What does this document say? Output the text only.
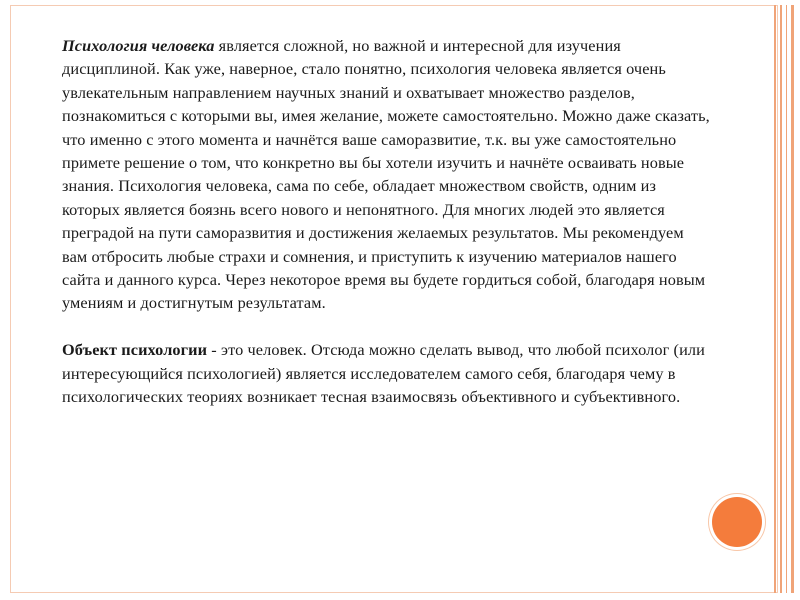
Психология человека является сложной, но важной и интересной для изучения дисциплиной. Как уже, наверное, стало понятно, психология человека является очень увлекательным направлением научных знаний и охватывает множество разделов, познакомиться с которыми вы, имея желание, можете самостоятельно. Можно даже сказать, что именно с этого момента и начнётся ваше саморазвитие, т.к. вы уже самостоятельно примете решение о том, что конкретно вы бы хотели изучить и начнёте осваивать новые знания. Психология человека, сама по себе, обладает множеством свойств, одним из которых является боязнь всего нового и непонятного. Для многих людей это является преградой на пути саморазвития и достижения желаемых результатов. Мы рекомендуем вам отбросить любые страхи и сомнения, и приступить к изучению материалов нашего сайта и данного курса. Через некоторое время вы будете гордиться собой, благодаря новым умениям и достигнутым результатам.

Объект психологии - это человек. Отсюда можно сделать вывод, что любой психолог (или интересующийся психологией) является исследователем самого себя, благодаря чему в психологических теориях возникает тесная взаимосвязь объективного и субъективного.
